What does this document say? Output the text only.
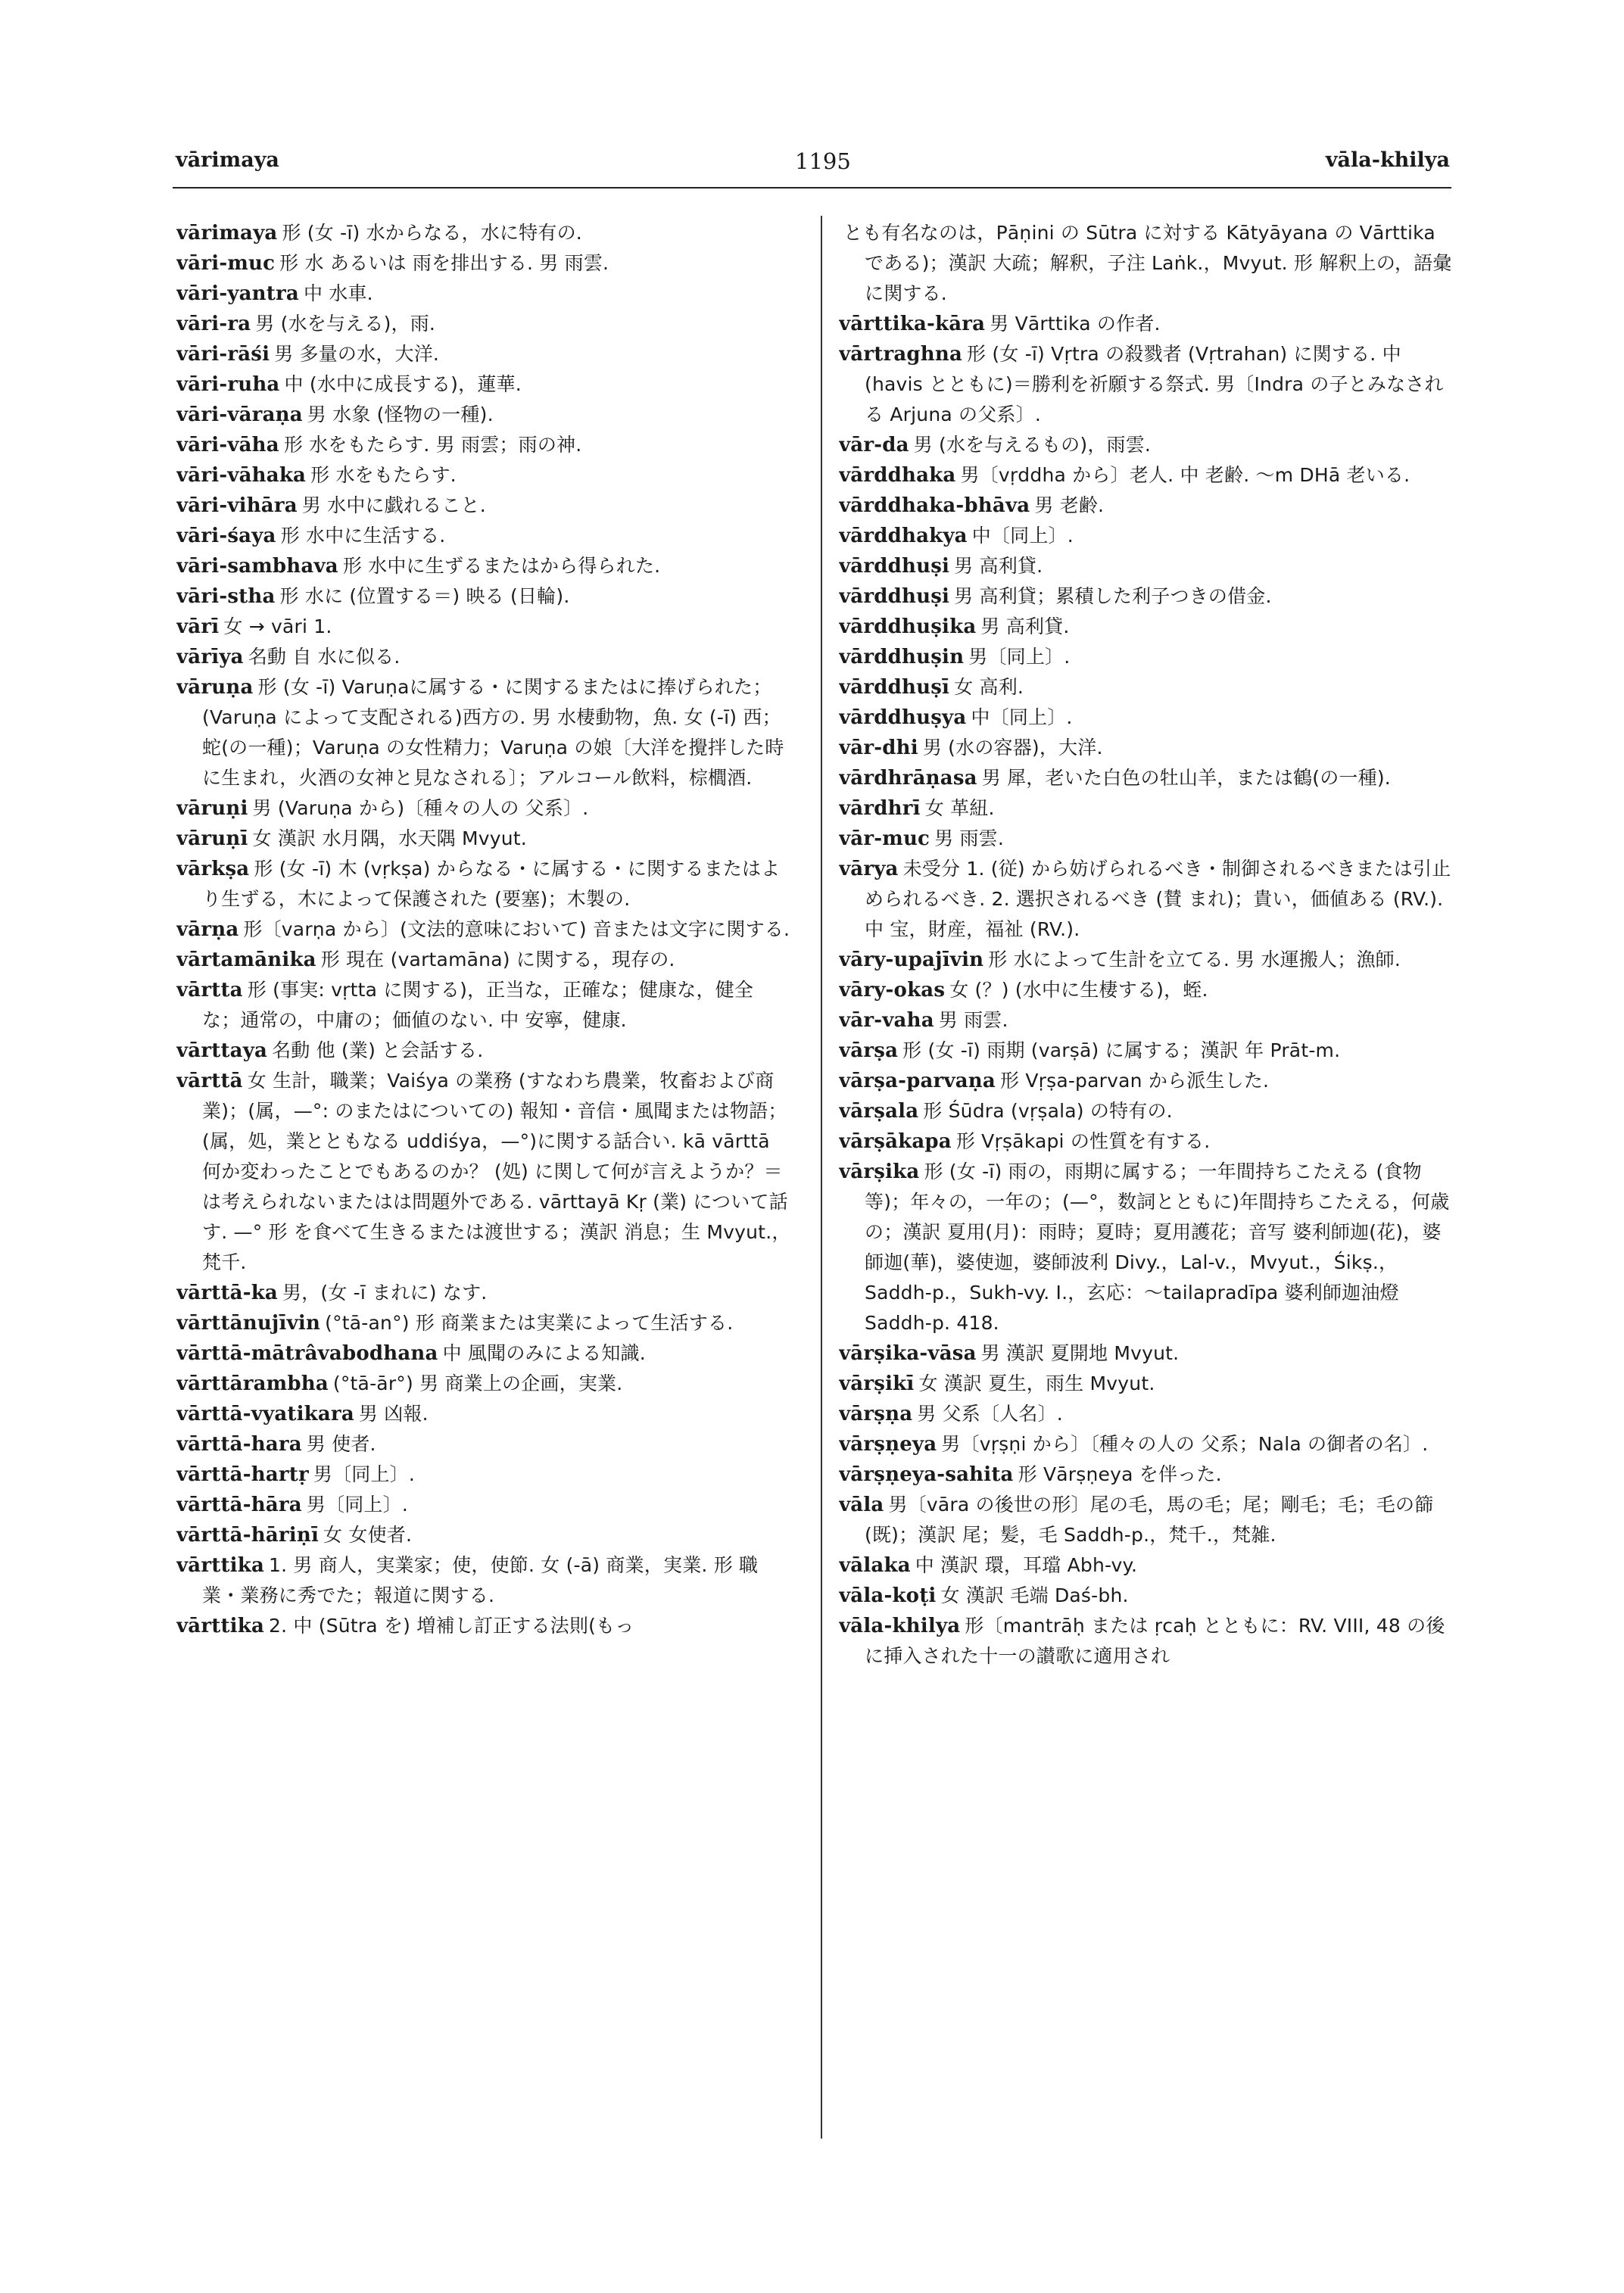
vārimaya	1195	vāla-khilya

vārimaya 形 (女 -ī) 水からなる，水に特有の.

vāri-muc 形 水 あるいは 雨を排出する. 男 雨雲.

vāri-yantra 中 水車.

vāri-ra 男 (水を与える)，雨.

vāri-rāśi 男 多量の水，大洋.

vāri-ruha 中 (水中に成長する)，蓮華.

vāri-vāraṇa 男 水象 (怪物の一種).

vāri-vāha 形 水をもたらす. 男 雨雲；雨の神.

vāri-vāhaka 形 水をもたらす.

vāri-vihāra 男 水中に戯れること.

vāri-śaya 形 水中に生活する.

vāri-sambhava 形 水中に生ずるまたはから得られた.

vāri-stha 形 水に (位置する＝) 映る (日輪).

vārī 女 → vāri 1.

vārīya 名動 自 水に似る.

vāruṇa 形 (女 -ī) Varuṇaに属する・に関するまたはに捧げられた；(Varuṇa によって支配される)西方の. 男 水棲動物，魚. 女 (-ī) 西；蛇(の一種)；Varuṇa の女性精力；Varuṇa の娘〔大洋を攪拌した時に生まれ，火酒の女神と見なされる〕；アルコール飲料，棕櫚酒.

vāruṇi 男 (Varuṇa から)〔種々の人の 父系〕.

vāruṇī 女 漢訳 水月隅，水天隅 Mvyut.

vārkṣa 形 (女 -ī) 木 (vṛkṣa) からなる・に属する・に関するまたはより生ずる，木によって保護された (要塞)；木製の.

vārṇa 形〔varṇa から〕(文法的意味において) 音または文字に関する.

vārtamānika 形 現在 (vartamāna) に関する，現存の.

vārtta 形 (事実: vṛtta に関する)，正当な，正確な；健康な，健全な；通常の，中庸の；価値のない. 中 安寧，健康.

vārttaya 名動 他 (業) と会話する.

vārttā 女 生計，職業；Vaiśya の業務 (すなわち農業，牧畜および商業)；(属，—°: のまたはについての) 報知・音信・風聞または物語；(属，処，業とともなる uddiśya，—°)に関する話合い. kā vārttā 何か変わったことでもあるのか？ (処) に関して何が言えようか？＝は考えられないまたはは問題外である. vārttayā Kṛ (業) について話す. —° 形 を食べて生きるまたは渡世する；漢訳 消息；生 Mvyut.，梵千.

vārttā-ka 男，(女 -ī まれに) なす.

vārttānujīvin (°tā-an°) 形 商業または実業によって生活する.

vārttā-mātrâvabodhana 中 風聞のみによる知識.

vārttārambha (°tā-ār°) 男 商業上の企画，実業.

vārttā-vyatikara 男 凶報.

vārttā-hara 男 使者.

vārttā-hartṛ 男〔同上〕.

vārttā-hāra 男〔同上〕.

vārttā-hāriṇī 女 女使者.

vārttika 1. 男 商人，実業家；使，使節. 女 (-ā) 商業，実業. 形 職業・業務に秀でた；報道に関する.

vārttika 2. 中 (Sūtra を) 増補し訂正する法則(もっ

とも有名なのは，Pāṇini の Sūtra に対する Kātyāyana の Vārttika である)；漢訳 大疏；解釈，子注 Laṅk.，Mvyut. 形 解釈上の，語彙に関する.

vārttika-kāra 男 Vārttika の作者.

vārtraghna 形 (女 -ī) Vṛtra の殺戮者 (Vṛtrahan) に関する. 中 (havis とともに)＝勝利を祈願する祭式. 男〔Indra の子とみなされる Arjuna の父系〕.

vār-da 男 (水を与えるもの)，雨雲.

vārddhaka 男〔vṛddha から〕老人. 中 老齢. ～m DHā 老いる.

vārddhaka-bhāva 男 老齢.

vārddhakya 中〔同上〕.

vārddhuṣi 男 高利貸.

vārddhuṣi 男 高利貸；累積した利子つきの借金.

vārddhuṣika 男 高利貸.

vārddhuṣin 男〔同上〕.

vārddhuṣī 女 高利.

vārddhuṣya 中〔同上〕.

vār-dhi 男 (水の容器)，大洋.

vārdhrāṇasa 男 犀，老いた白色の牡山羊，または鶴(の一種).

vārdhrī 女 革紐.

vār-muc 男 雨雲.

vārya 未受分 1. (従) から妨げられるべき・制御されるべきまたは引止められるべき. 2. 選択されるべき (賛 まれ)；貴い，価値ある (RV.). 中 宝，財産，福祉 (RV.).

vāry-upajīvin 形 水によって生計を立てる. 男 水運搬人；漁師.

vāry-okas 女 (？) (水中に生棲する)，蛭.

vār-vaha 男 雨雲.

vārṣa 形 (女 -ī) 雨期 (varṣā) に属する；漢訳 年 Prāt-m.

vārṣa-parvaṇa 形 Vṛṣa-parvan から派生した.

vārṣala 形 Śūdra (vṛṣala) の特有の.

vārṣākapa 形 Vṛṣākapi の性質を有する.

vārṣika 形 (女 -ī) 雨の，雨期に属する；一年間持ちこたえる (食物等)；年々の，一年の；(—°，数詞とともに)年間持ちこたえる，何歳の；漢訳 夏用(月)：雨時；夏時；夏用護花；音写 婆利師迦(花)，婆師迦(華)，婆使迦，婆師波利 Divy.，Lal-v.，Mvyut.，Śikṣ.，Saddh-p.，Sukh-vy. I.，玄応：～tailapradīpa 婆利師迦油燈 Saddh-p. 418.

vārṣika-vāsa 男 漢訳 夏開地 Mvyut.

vārṣikī 女 漢訳 夏生，雨生 Mvyut.

vārṣṇa 男 父系〔人名〕.

vārṣṇeya 男〔vṛṣṇi から〕〔種々の人の 父系；Nala の御者の名〕.

vārṣṇeya-sahita 形 Vārṣṇeya を伴った.

vāla 男〔vāra の後世の形〕尾の毛，馬の毛；尾；剛毛；毛；毛の篩 (既)；漢訳 尾；髪，毛 Saddh-p.，梵千.，梵雑.

vālaka 中 漢訳 環，耳璫 Abh-vy.

vāla-koṭi 女 漢訳 毛端 Daś-bh.

vāla-khilya 形〔mantrāḥ または ṛcaḥ とともに：RV. VIII, 48 の後に挿入された十一の讃歌に適用され
